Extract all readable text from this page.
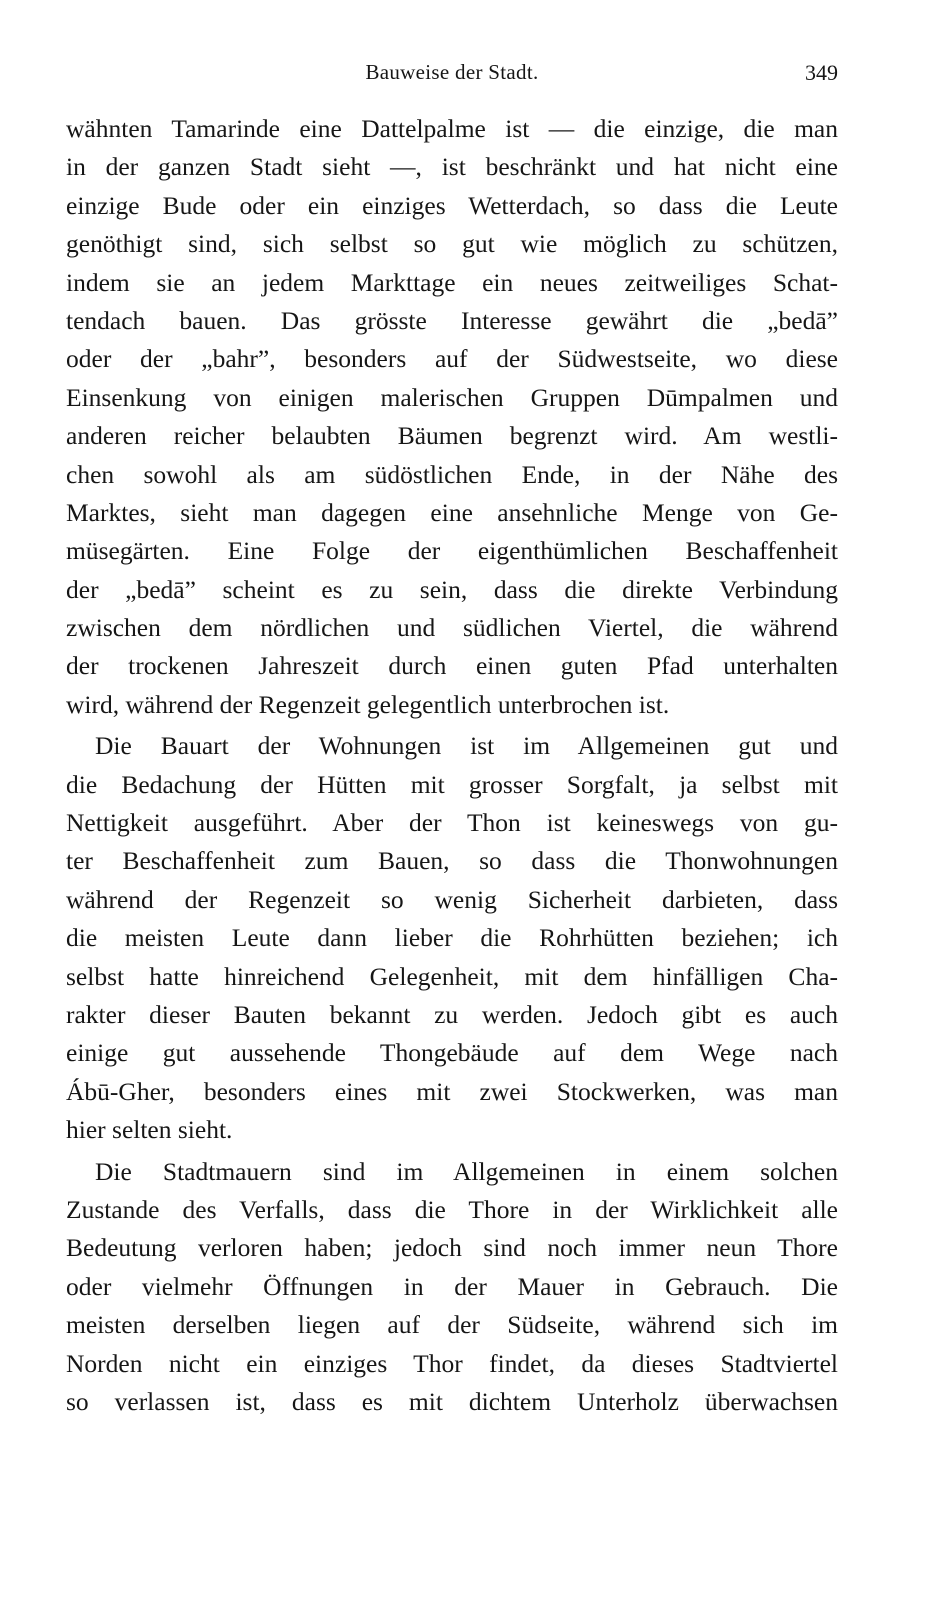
Bauweise der Stadt.	349
wähnten Tamarinde eine Dattelpalme ist — die einzige, die man
in der ganzen Stadt sieht —, ist beschränkt und hat nicht eine
einzige Bude oder ein einziges Wetterdach, so dass die Leute
genöthigt sind, sich selbst so gut wie möglich zu schützen,
indem sie an jedem Markttage ein neues zeitweiliges Schat-
tendach bauen. Das grösste Interesse gewährt die „bedā”
oder der „bahr”, besonders auf der Südwestseite, wo diese
Einsenkung von einigen malerischen Gruppen Dūmpalmen und
anderen reicher belaubten Bäumen begrenzt wird. Am westli-
chen sowohl als am südöstlichen Ende, in der Nähe des
Marktes, sieht man dagegen eine ansehnliche Menge von Ge-
müsegärten. Eine Folge der eigenthümlichen Beschaffenheit
der „bedā” scheint es zu sein, dass die direkte Verbindung
zwischen dem nördlichen und südlichen Viertel, die während
der trockenen Jahreszeit durch einen guten Pfad unterhalten
wird, während der Regenzeit gelegentlich unterbrochen ist.
Die Bauart der Wohnungen ist im Allgemeinen gut und
die Bedachung der Hütten mit grosser Sorgfalt, ja selbst mit
Nettigkeit ausgeführt. Aber der Thon ist keineswegs von gu-
ter Beschaffenheit zum Bauen, so dass die Thonwohnungen
während der Regenzeit so wenig Sicherheit darbieten, dass
die meisten Leute dann lieber die Rohrhütten beziehen; ich
selbst hatte hinreichend Gelegenheit, mit dem hinfälligen Cha-
rakter dieser Bauten bekannt zu werden. Jedoch gibt es auch
einige gut aussehende Thongebäude auf dem Wege nach
Ábū-Gher, besonders eines mit zwei Stockwerken, was man
hier selten sieht.
Die Stadtmauern sind im Allgemeinen in einem solchen
Zustande des Verfalls, dass die Thore in der Wirklichkeit alle
Bedeutung verloren haben; jedoch sind noch immer neun Thore
oder vielmehr Öffnungen in der Mauer in Gebrauch. Die
meisten derselben liegen auf der Südseite, während sich im
Norden nicht ein einziges Thor findet, da dieses Stadtviertel
so verlassen ist, dass es mit dichtem Unterholz überwachsen
